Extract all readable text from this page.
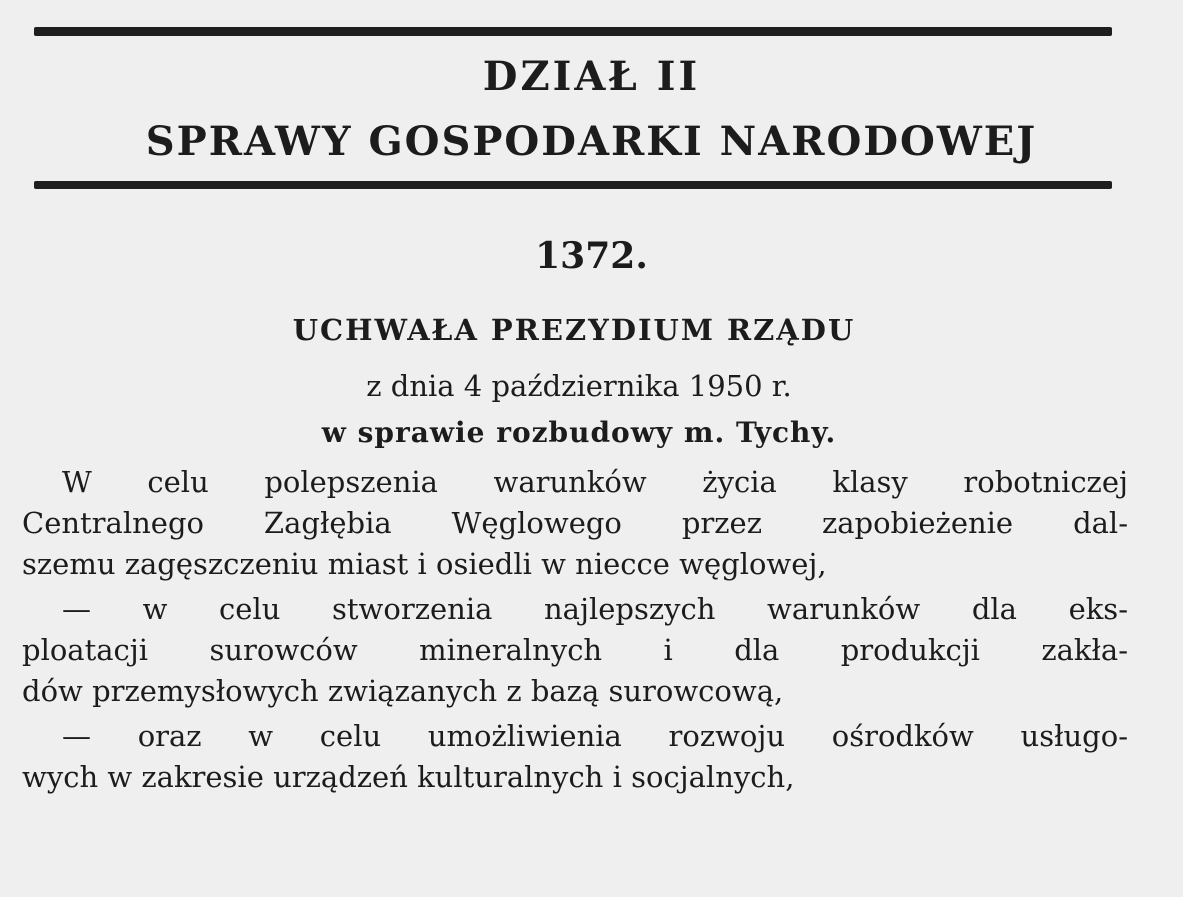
DZIAŁ II
SPRAWY GOSPODARKI NARODOWEJ
1372.
UCHWAŁA PREZYDIUM RZĄDU
z dnia 4 października 1950 r.
w sprawie rozbudowy m. Tychy.
W celu polepszenia warunków życia klasy robotniczej
Centralnego Zagłębia Węglowego przez zapobieżenie dal-
szemu zagęszczeniu miast i osiedli w niecce węglowej,
— w celu stworzenia najlepszych warunków dla eks-
ploatacji surowców mineralnych i dla produkcji zakła-
dów przemysłowych związanych z bazą surowcową,
— oraz w celu umożliwienia rozwoju ośrodków usługo-
wych w zakresie urządzeń kulturalnych i socjalnych,
